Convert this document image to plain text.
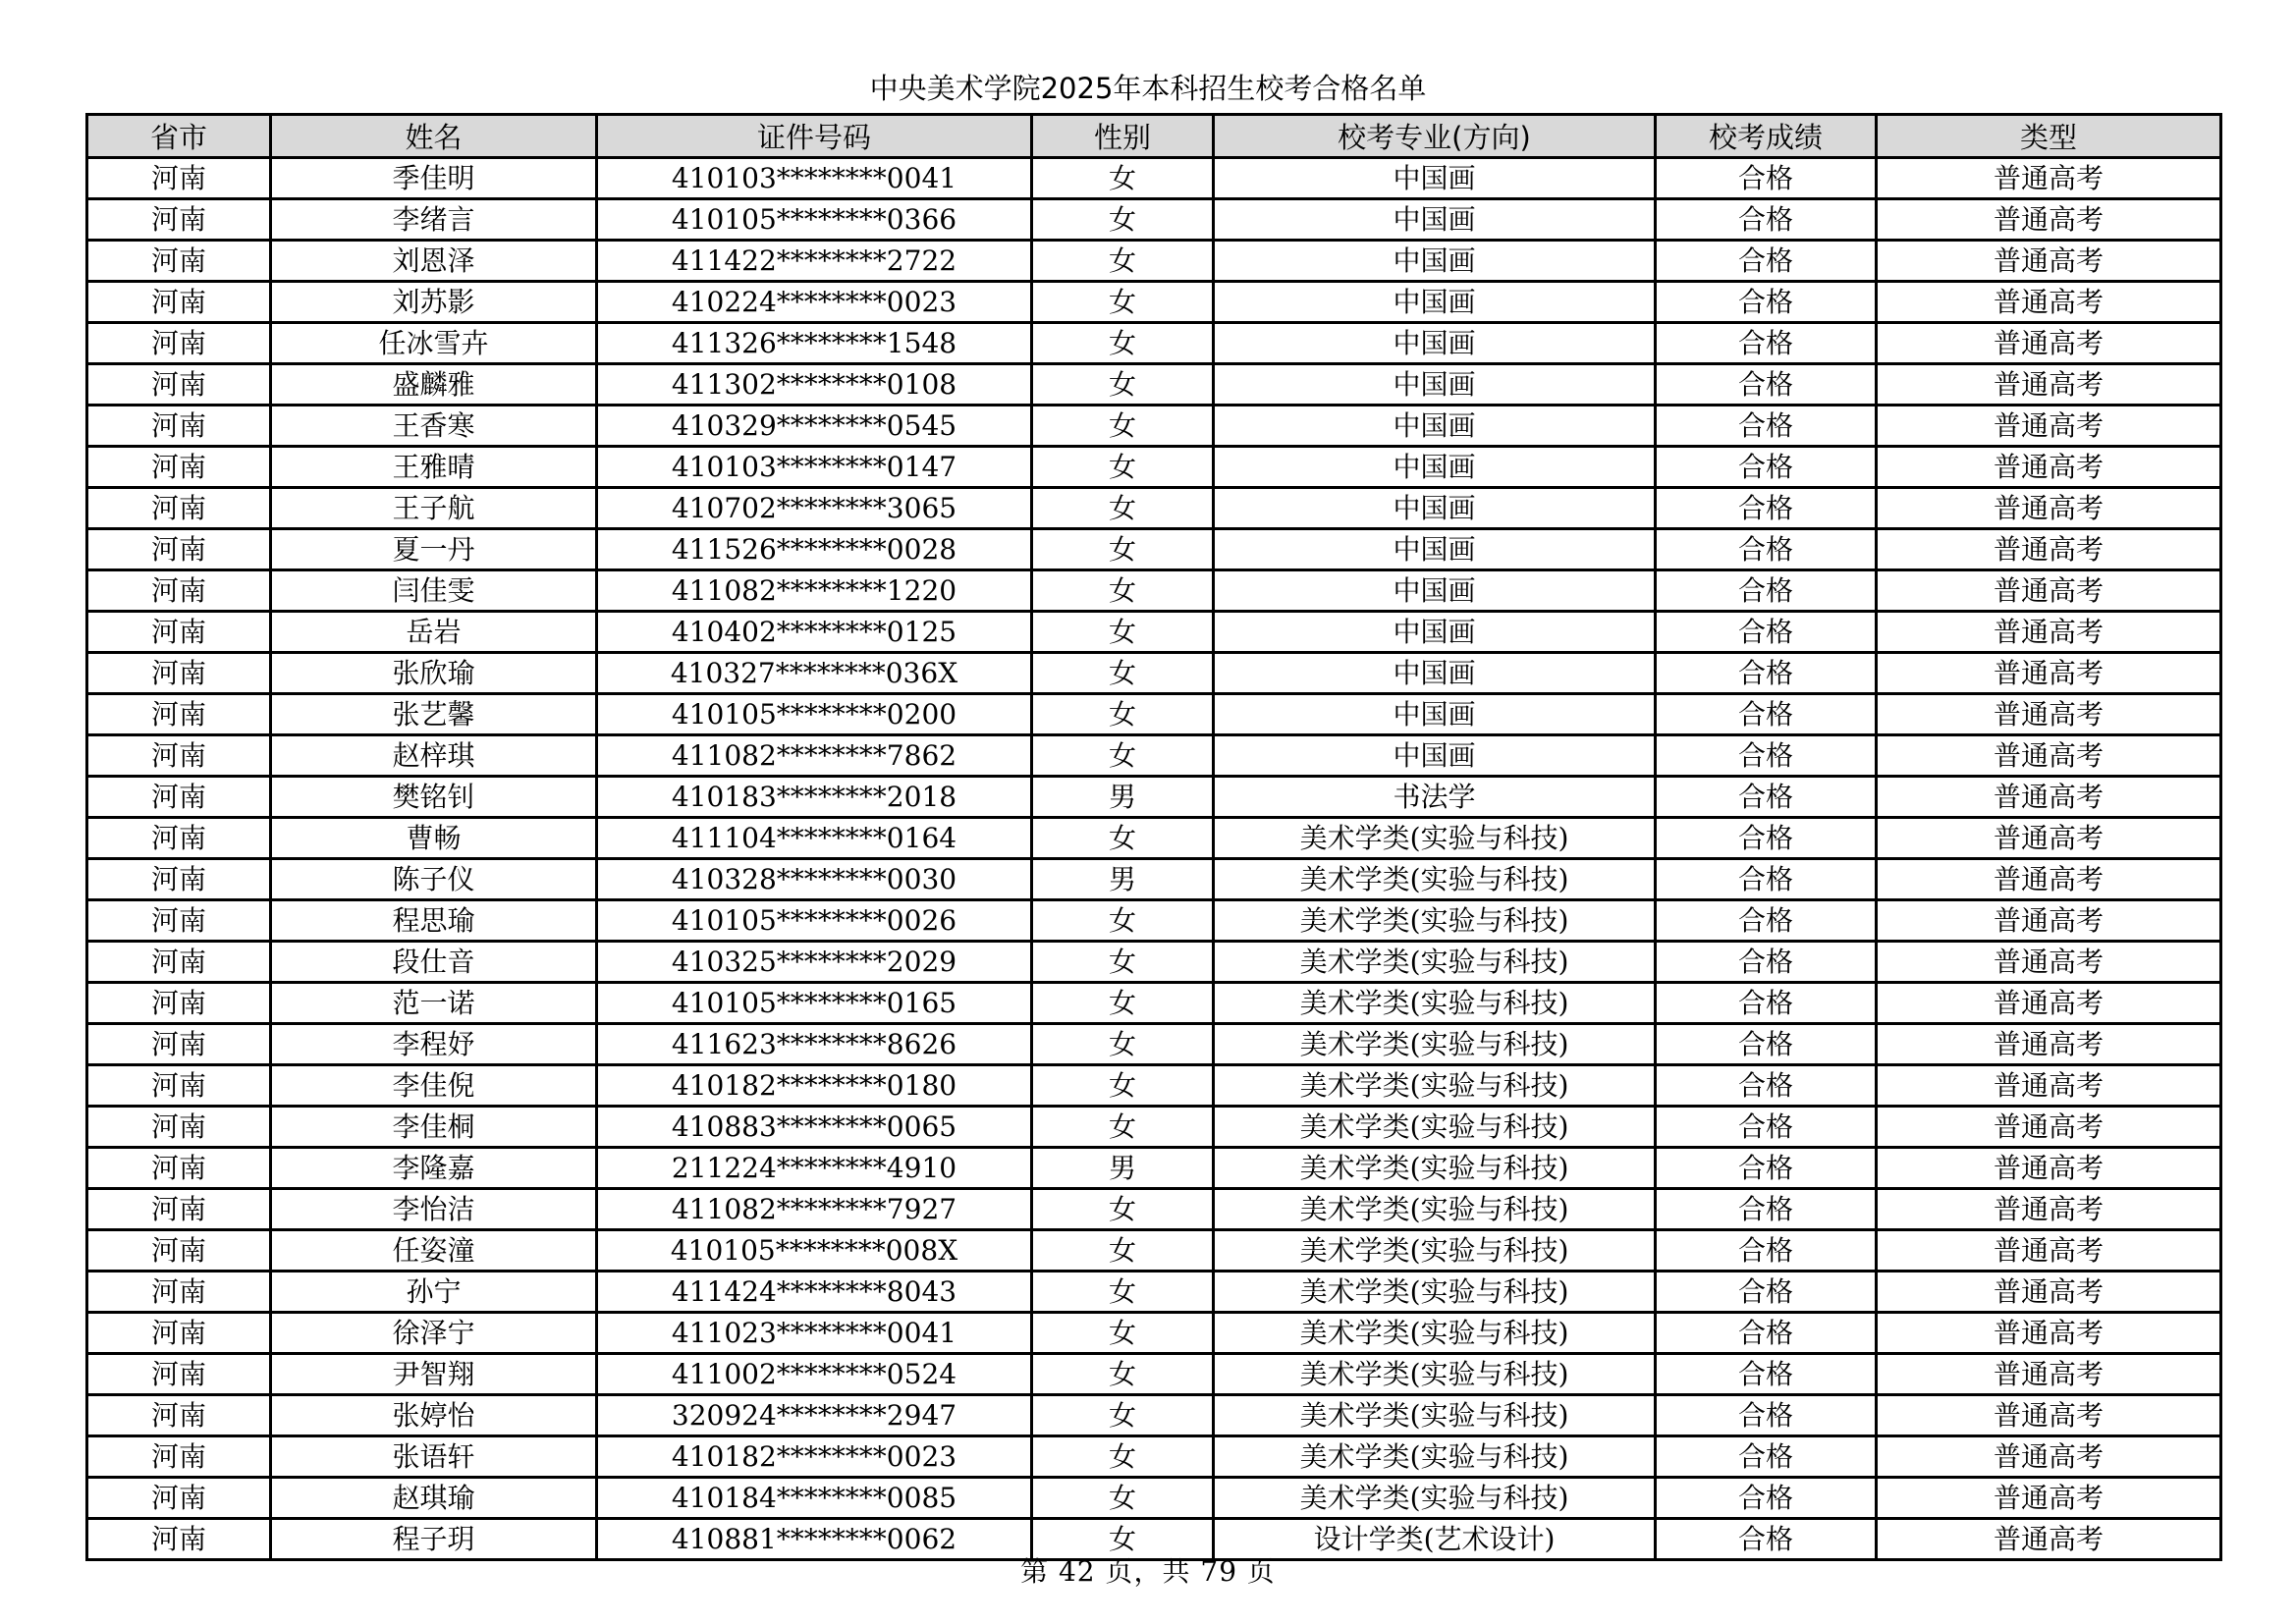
中央美术学院2025年本科招生校考合格名单
省市	姓名	证件号码	性别	校考专业(方向)	校考成绩	类型
河南	季佳明	410103********0041	女	中国画	合格	普通高考
河南	李绪言	410105********0366	女	中国画	合格	普通高考
河南	刘恩泽	411422********2722	女	中国画	合格	普通高考
河南	刘苏影	410224********0023	女	中国画	合格	普通高考
河南	任冰雪卉	411326********1548	女	中国画	合格	普通高考
河南	盛麟雅	411302********0108	女	中国画	合格	普通高考
河南	王香寒	410329********0545	女	中国画	合格	普通高考
河南	王雅晴	410103********0147	女	中国画	合格	普通高考
河南	王子航	410702********3065	女	中国画	合格	普通高考
河南	夏一丹	411526********0028	女	中国画	合格	普通高考
河南	闫佳雯	411082********1220	女	中国画	合格	普通高考
河南	岳岩	410402********0125	女	中国画	合格	普通高考
河南	张欣瑜	410327********036X	女	中国画	合格	普通高考
河南	张艺馨	410105********0200	女	中国画	合格	普通高考
河南	赵梓琪	411082********7862	女	中国画	合格	普通高考
河南	樊铭钊	410183********2018	男	书法学	合格	普通高考
河南	曹畅	411104********0164	女	美术学类(实验与科技)	合格	普通高考
河南	陈子仪	410328********0030	男	美术学类(实验与科技)	合格	普通高考
河南	程思瑜	410105********0026	女	美术学类(实验与科技)	合格	普通高考
河南	段仕音	410325********2029	女	美术学类(实验与科技)	合格	普通高考
河南	范一诺	410105********0165	女	美术学类(实验与科技)	合格	普通高考
河南	李程妤	411623********8626	女	美术学类(实验与科技)	合格	普通高考
河南	李佳倪	410182********0180	女	美术学类(实验与科技)	合格	普通高考
河南	李佳桐	410883********0065	女	美术学类(实验与科技)	合格	普通高考
河南	李隆嘉	211224********4910	男	美术学类(实验与科技)	合格	普通高考
河南	李怡洁	411082********7927	女	美术学类(实验与科技)	合格	普通高考
河南	任姿潼	410105********008X	女	美术学类(实验与科技)	合格	普通高考
河南	孙宁	411424********8043	女	美术学类(实验与科技)	合格	普通高考
河南	徐泽宁	411023********0041	女	美术学类(实验与科技)	合格	普通高考
河南	尹智翔	411002********0524	女	美术学类(实验与科技)	合格	普通高考
河南	张婷怡	320924********2947	女	美术学类(实验与科技)	合格	普通高考
河南	张语轩	410182********0023	女	美术学类(实验与科技)	合格	普通高考
河南	赵琪瑜	410184********0085	女	美术学类(实验与科技)	合格	普通高考
河南	程子玥	410881********0062	女	设计学类(艺术设计)	合格	普通高考
第 42 页，共 79 页
